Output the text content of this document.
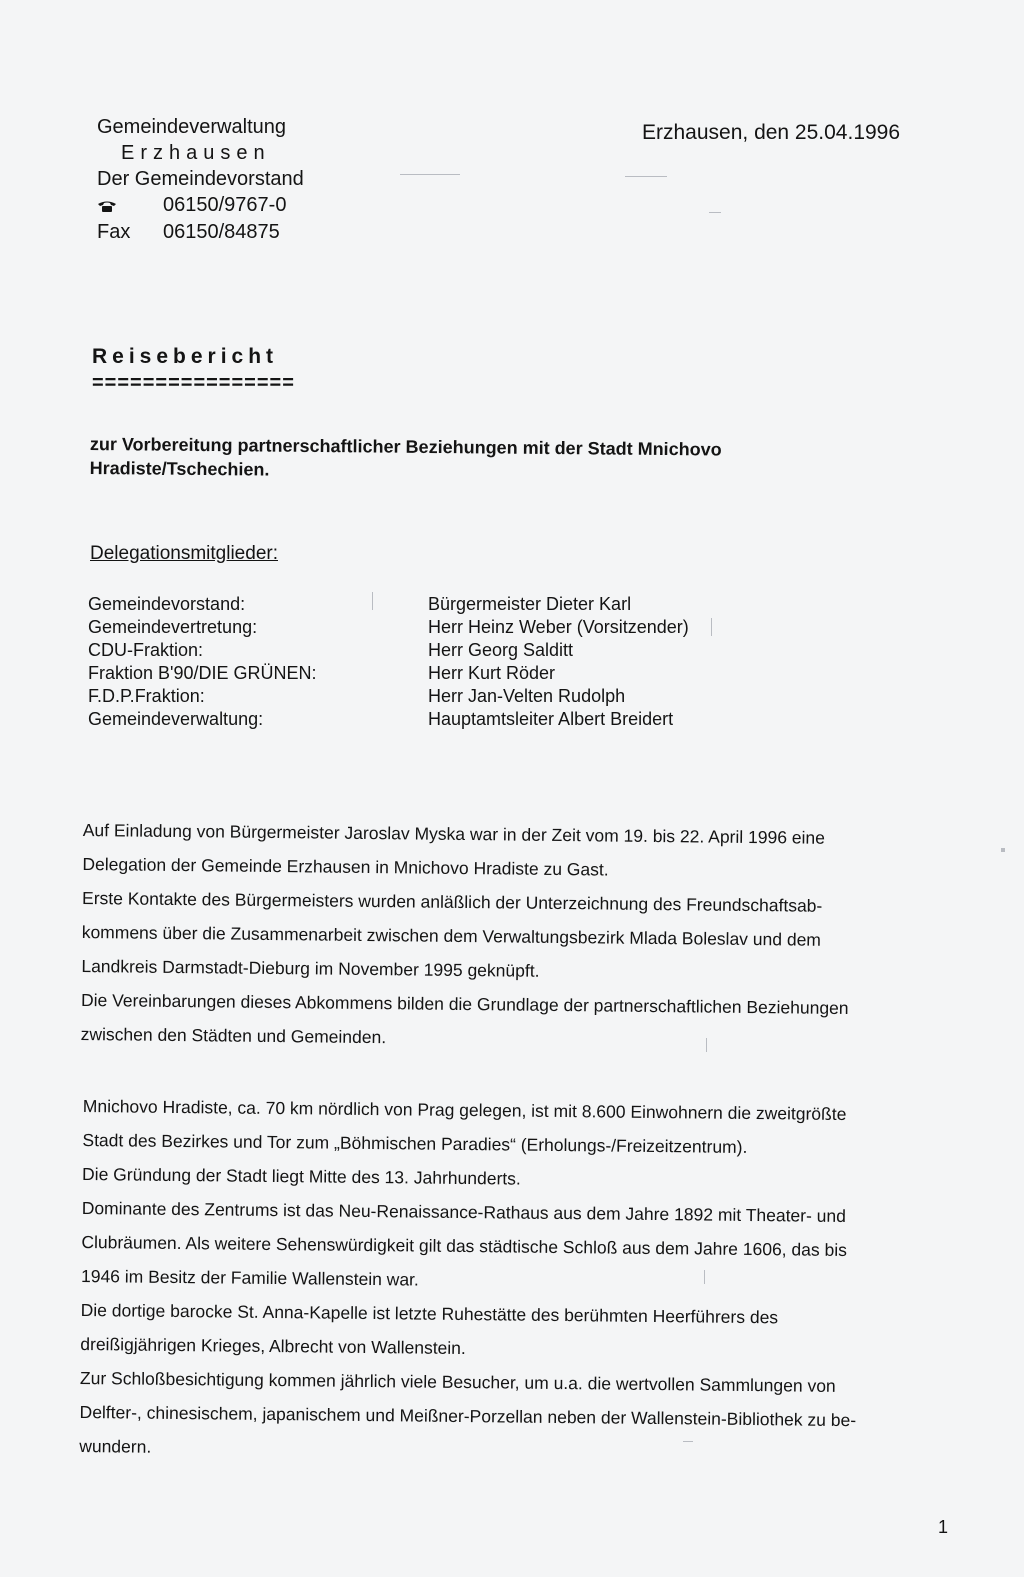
Gemeindeverwaltung
Erzhausen
Der Gemeindevorstand
06150/9767-0
Fax	06150/84875
Erzhausen, den 25.04.1996
Reisebericht
================
zur Vorbereitung partnerschaftlicher Beziehungen mit der Stadt Mnichovo Hradiste/Tschechien.
Delegationsmitglieder:
Gemeindevorstand:	Bürgermeister Dieter Karl
Gemeindevertretung:	Herr Heinz Weber (Vorsitzender)
CDU-Fraktion:	Herr Georg Salditt
Fraktion B'90/DIE GRÜNEN:	Herr Kurt Röder
F.D.P.Fraktion:	Herr Jan-Velten Rudolph
Gemeindeverwaltung:	Hauptamtsleiter Albert Breidert
Auf Einladung von Bürgermeister Jaroslav Myska war in der Zeit vom 19. bis 22. April 1996 eine
Delegation der Gemeinde Erzhausen in Mnichovo Hradiste zu Gast.
Erste Kontakte des Bürgermeisters wurden anläßlich der Unterzeichnung des Freundschaftsab-
kommens über die Zusammenarbeit zwischen dem Verwaltungsbezirk Mlada Boleslav und dem
Landkreis Darmstadt-Dieburg im November 1995 geknüpft.
Die Vereinbarungen dieses Abkommens bilden die Grundlage der partnerschaftlichen Beziehungen
zwischen den Städten und Gemeinden.
Mnichovo Hradiste, ca. 70 km nördlich von Prag gelegen, ist mit 8.600 Einwohnern die zweitgrößte
Stadt des Bezirkes und Tor zum „Böhmischen Paradies“ (Erholungs-/Freizeitzentrum).
Die Gründung der Stadt liegt Mitte des 13. Jahrhunderts.
Dominante des Zentrums ist das Neu-Renaissance-Rathaus aus dem Jahre 1892 mit Theater- und
Clubräumen. Als weitere Sehenswürdigkeit gilt das städtische Schloß aus dem Jahre 1606, das bis
1946 im Besitz der Familie Wallenstein war.
Die dortige barocke St. Anna-Kapelle ist letzte Ruhestätte des berühmten Heerführers des
dreißigjährigen Krieges, Albrecht von Wallenstein.
Zur Schloßbesichtigung kommen jährlich viele Besucher, um u.a. die wertvollen Sammlungen von
Delfter-, chinesischem, japanischem und Meißner-Porzellan neben der Wallenstein-Bibliothek zu be-
wundern.
1
